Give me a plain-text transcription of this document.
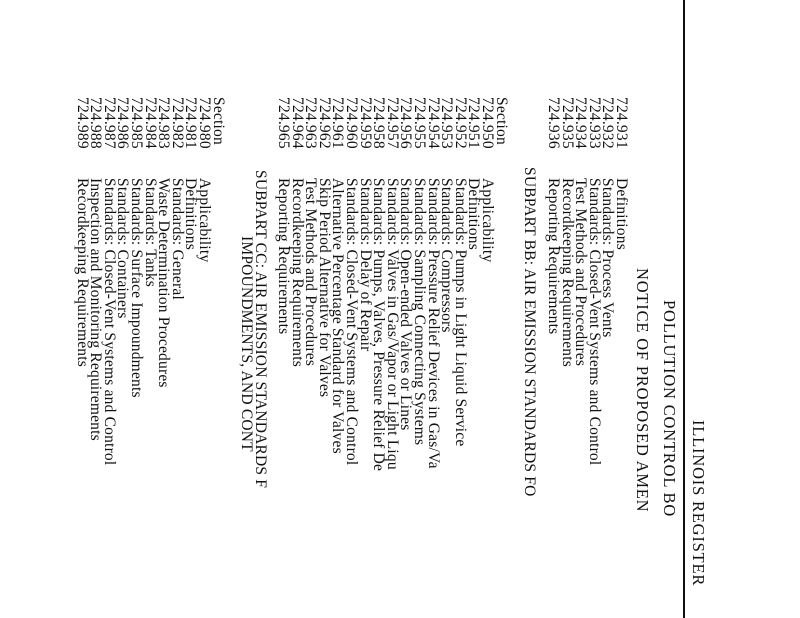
ILLINOIS REGISTER
POLLUTION CONTROL BO
NOTICE OF PROPOSED AMEN
724.931
Definitions
724.932
Standards: Process Vents
724.933
Standards: Closed-Vent Systems and Control
724.934
Test Methods and Procedures
724.935
Recordkeeping Requirements
724.936
Reporting Requirements
SUBPART BB: AIR EMISSION STANDARDS FO
Section
724.950
Applicability
724.951
Definitions
724.952
Standards: Pumps in Light Liquid Service
724.953
Standards: Compressors
724.954
Standards: Pressure Relief Devices in Gas/Va
724.955
Standards: Sampling Connecting Systems
724.956
Standards: Open-ended Valves or Lines
724.957
Standards: Valves in Gas/Vapor or Light Liqu
724.958
Standards: Pumps, Valves, Pressure Relief De
724.959
Standards: Delay of Repair
724.960
Standards: Closed-Vent Systems and Control
724.961
Alternative Percentage Standard for Valves
724.962
Skip Period Alternative for Valves
724.963
Test Methods and Procedures
724.964
Recordkeeping Requirements
724.965
Reporting Requirements
SUBPART CC: AIR EMISSION STANDARDS F
IMPOUNDMENTS, AND CONT
Section
724.980
Applicability
724.981
Definitions
724.982
Standards: General
724.983
Waste Determination Procedures
724.984
Standards: Tanks
724.985
Standards: Surface Impoundments
724.986
Standards: Containers
724.987
Standards: Closed-Vent Systems and Control
724.988
Inspection and Monitoring Requirements
724.989
Recordkeeping Requirements
